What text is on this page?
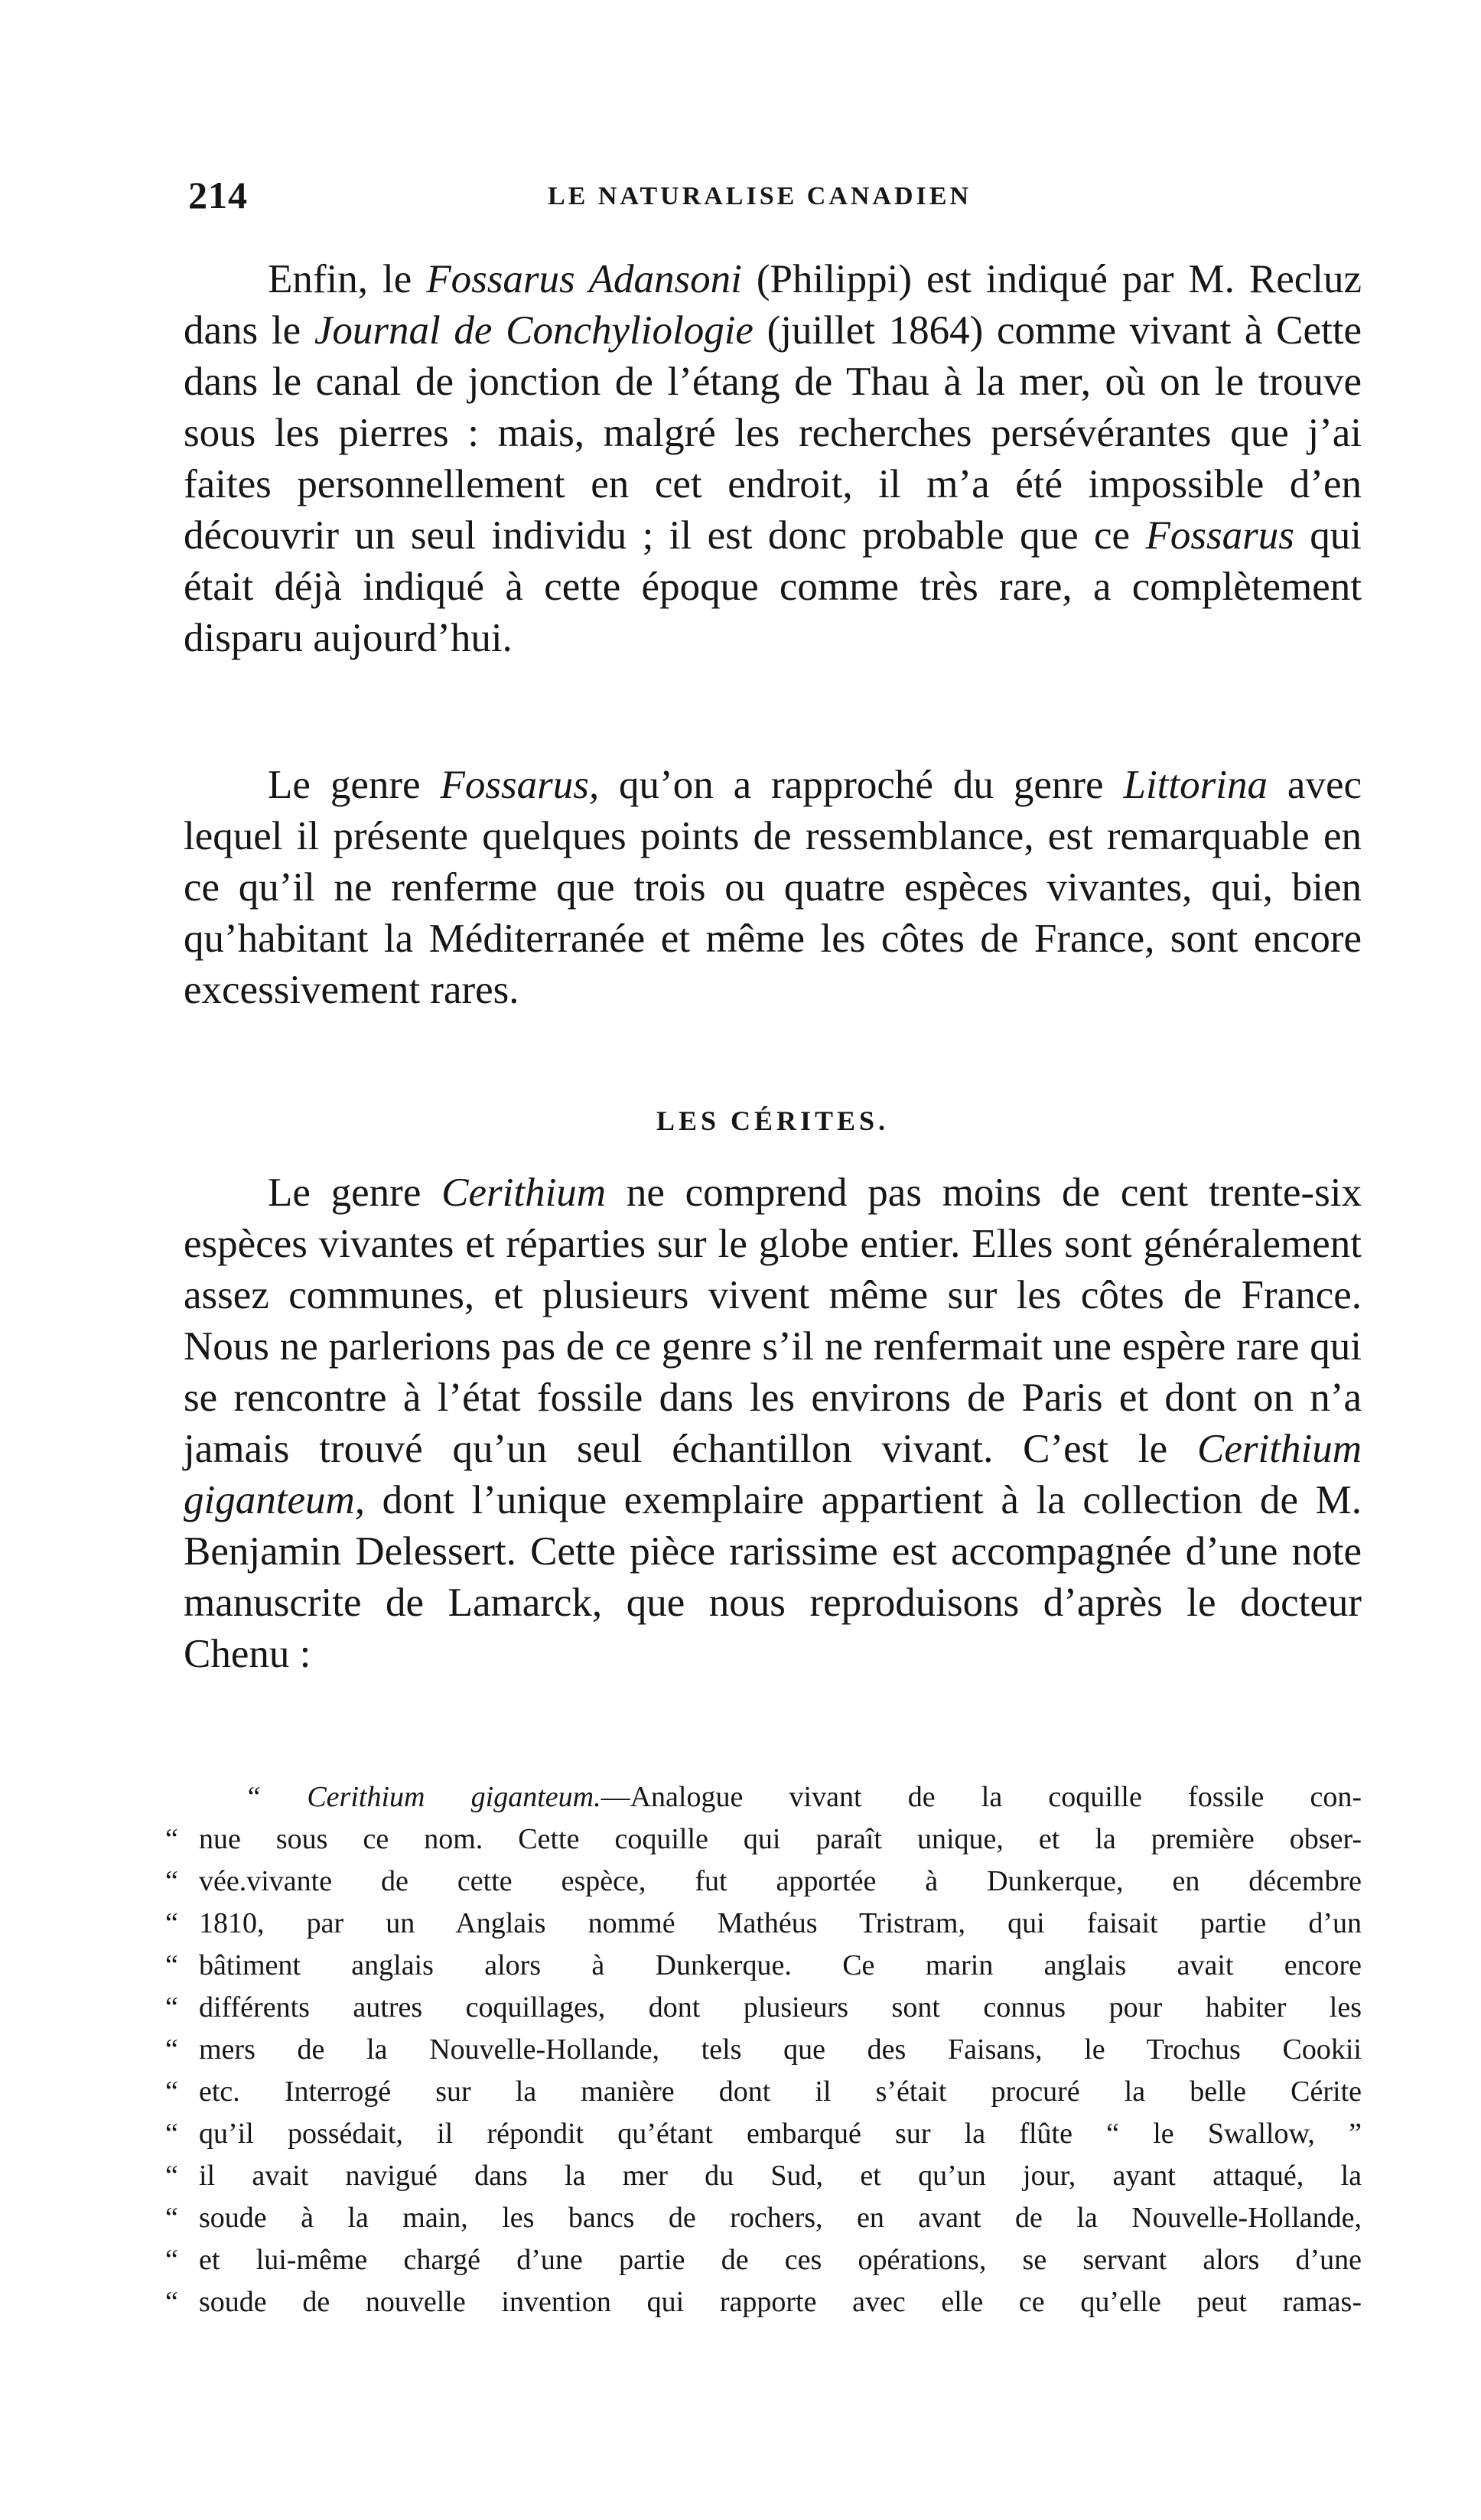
214	LE NATURALISE CANADIEN

Enfin, le Fossarus Adansoni (Philippi) est indiqué par M. Recluz dans le Journal de Conchyliologie (juillet 1864) comme vivant à Cette dans le canal de jonction de l’étang de Thau à la mer, où on le trouve sous les pierres : mais, malgré les recherches persévérantes que j’ai faites personnellement en cet endroit, il m’a été impossible d’en découvrir un seul individu ; il est donc probable que ce Fossarus qui était déjà indiqué à cette époque comme très rare, a complètement disparu aujourd’hui.

Le genre Fossarus, qu’on a rapproché du genre Littorina avec lequel il présente quelques points de ressemblance, est remarquable en ce qu’il ne renferme que trois ou quatre espèces vivantes, qui, bien qu’habitant la Méditerranée et même les côtes de France, sont encore excessivement rares.

LES CÉRITES.

Le genre Cerithium ne comprend pas moins de cent trente-six espèces vivantes et réparties sur le globe entier. Elles sont généralement assez communes, et plusieurs vivent même sur les côtes de France. Nous ne parlerions pas de ce genre s’il ne renfermait une espère rare qui se rencontre à l’état fossile dans les environs de Paris et dont on n’a jamais trouvé qu’un seul échantillon vivant. C’est le Cerithium giganteum, dont l’unique exemplaire appartient à la collection de M. Benjamin Delessert. Cette pièce rarissime est accompagnée d’une note manuscrite de Lamarck, que nous reproduisons d’après le docteur Chenu :

“ Cerithium giganteum.—Analogue vivant de la coquille fossile con-
“ nue sous ce nom. Cette coquille qui paraît unique, et la première obser-
“ vée.vivante de cette espèce, fut apportée à Dunkerque, en décembre
“ 1810, par un Anglais nommé Mathéus Tristram, qui faisait partie d’un
“ bâtiment anglais alors à Dunkerque. Ce marin anglais avait encore
“ différents autres coquillages, dont plusieurs sont connus pour habiter les
“ mers de la Nouvelle-Hollande, tels que des Faisans, le Trochus Cookii
“ etc. Interrogé sur la manière dont il s’était procuré la belle Cérite
“ qu’il possédait, il répondit qu’étant embarqué sur la flûte “ le Swallow, ”
“ il avait navigué dans la mer du Sud, et qu’un jour, ayant attaqué, la
“ soude à la main, les bancs de rochers, en avant de la Nouvelle-Hollande,
“ et lui-même chargé d’une partie de ces opérations, se servant alors d’une
“ soude de nouvelle invention qui rapporte avec elle ce qu’elle peut ramas-
